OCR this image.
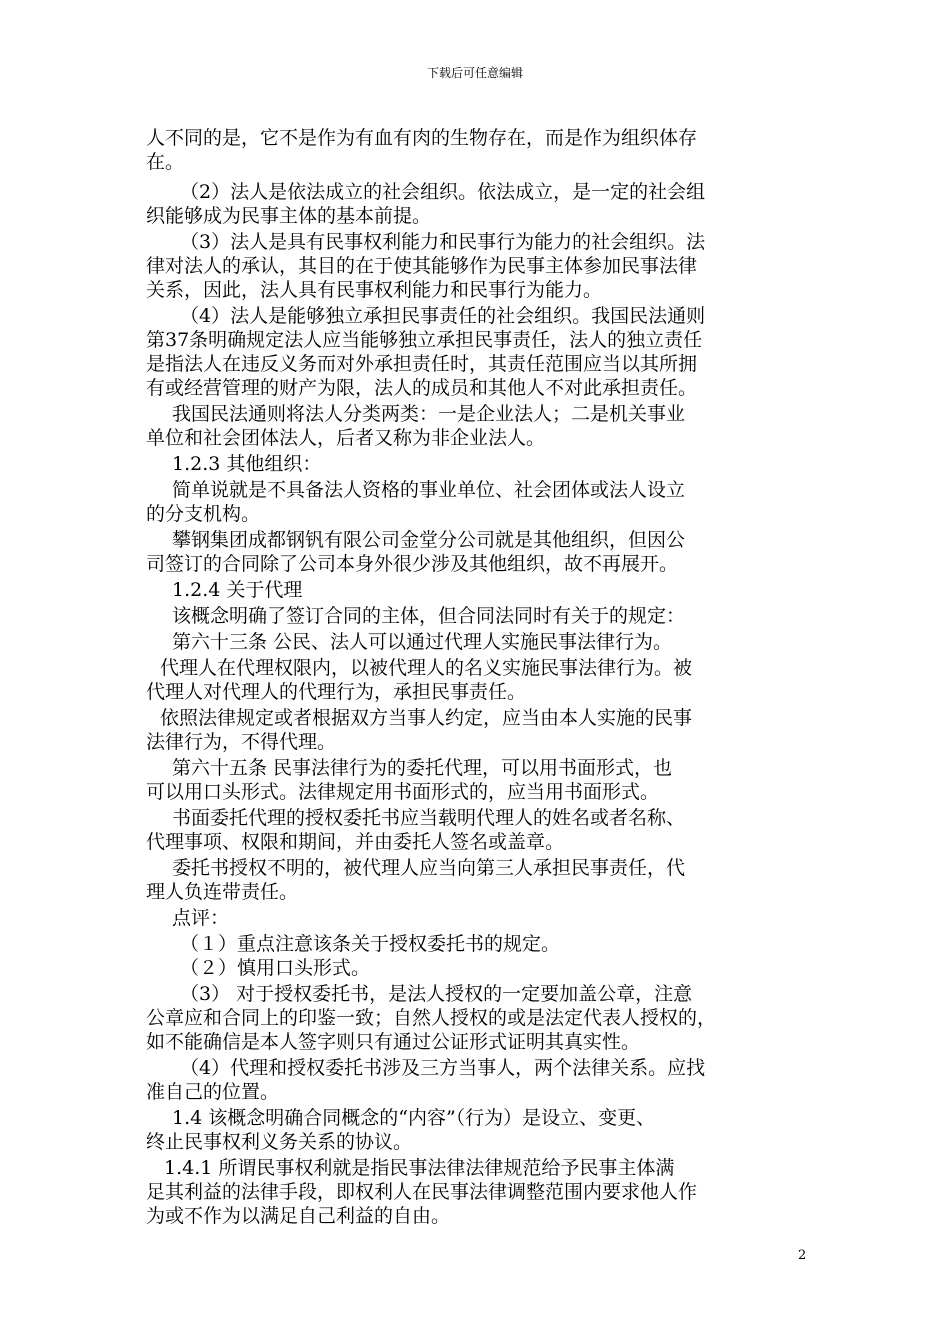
下载后可任意编辑
人不同的是，它不是作为有血有肉的生物存在，而是作为组织体存
在。
（2）法人是依法成立的社会组织。依法成立，是一定的社会组
织能够成为民事主体的基本前提。
（3）法人是具有民事权利能力和民事行为能力的社会组织。法
律对法人的承认，其目的在于使其能够作为民事主体参加民事法律
关系，因此，法人具有民事权利能力和民事行为能力。
（4）法人是能够独立承担民事责任的社会组织。我国民法通则
第37条明确规定法人应当能够独立承担民事责任，法人的独立责任
是指法人在违反义务而对外承担责任时，其责任范围应当以其所拥
有或经营管理的财产为限，法人的成员和其他人不对此承担责任。
我国民法通则将法人分类两类：一是企业法人；二是机关事业
单位和社会团体法人，后者又称为非企业法人。
1.2.3 其他组织：
简单说就是不具备法人资格的事业单位、社会团体或法人设立
的分支机构。
攀钢集团成都钢钒有限公司金堂分公司就是其他组织，但因公
司签订的合同除了公司本身外很少涉及其他组织，故不再展开。
1.2.4 关于代理
该概念明确了签订合同的主体，但合同法同时有关于的规定：
第六十三条 公民、法人可以通过代理人实施民事法律行为。
代理人在代理权限内，以被代理人的名义实施民事法律行为。被
代理人对代理人的代理行为，承担民事责任。
依照法律规定或者根据双方当事人约定，应当由本人实施的民事
法律行为，不得代理。
第六十五条 民事法律行为的委托代理，可以用书面形式，也
可以用口头形式。法律规定用书面形式的，应当用书面形式。
书面委托代理的授权委托书应当载明代理人的姓名或者名称、
代理事项、权限和期间，并由委托人签名或盖章。
委托书授权不明的，被代理人应当向第三人承担民事责任，代
理人负连带责任。
点评：
（１）重点注意该条关于授权委托书的规定。
（２）慎用口头形式。
（3） 对于授权委托书，是法人授权的一定要加盖公章，注意
公章应和合同上的印鉴一致；自然人授权的或是法定代表人授权的，
如不能确信是本人签字则只有通过公证形式证明其真实性。
（4）代理和授权委托书涉及三方当事人，两个法律关系。应找
准自己的位置。
1.4 该概念明确合同概念的“内容”（行为）是设立、变更、
终止民事权利义务关系的协议。
1.4.1 所谓民事权利就是指民事法律法律规范给予民事主体满
足其利益的法律手段，即权利人在民事法律调整范围内要求他人作
为或不作为以满足自己利益的自由。
2
